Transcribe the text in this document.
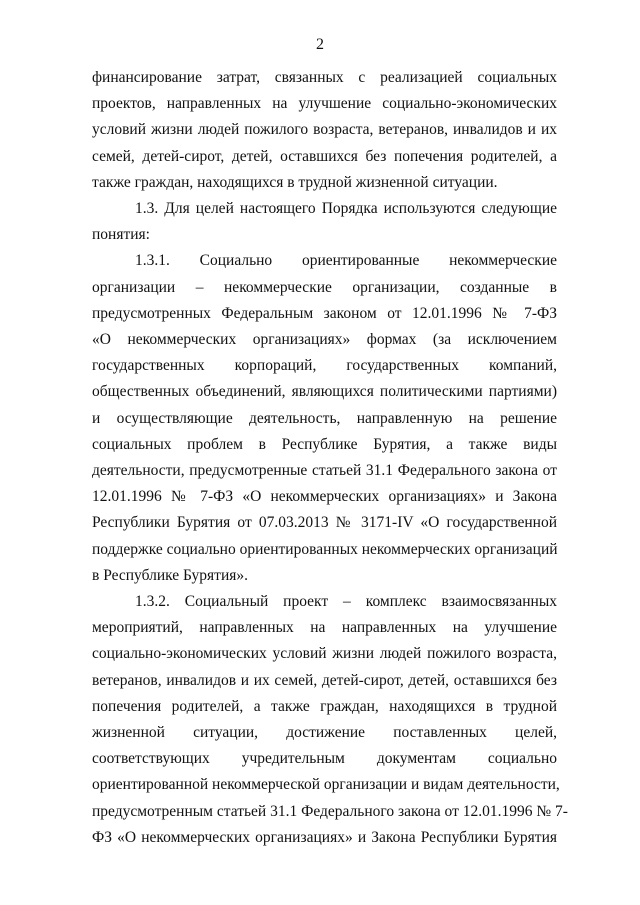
2
финансирование затрат, связанных с реализацией социальных
проектов, направленных на улучшение социально-экономических
условий жизни людей пожилого возраста, ветеранов, инвалидов и их
семей, детей-сирот, детей, оставшихся без попечения родителей, а
также граждан, находящихся в трудной жизненной ситуации.
1.3. Для целей настоящего Порядка используются следующие
понятия:
1.3.1. Социально ориентированные некоммерческие
организации – некоммерческие организации, созданные в
предусмотренных Федеральным законом от 12.01.1996 № 7-ФЗ
«О некоммерческих организациях» формах (за исключением
государственных корпораций, государственных компаний,
общественных объединений, являющихся политическими партиями)
и осуществляющие деятельность, направленную на решение
социальных проблем в Республике Бурятия, а также виды
деятельности, предусмотренные статьей 31.1 Федерального закона от
12.01.1996 № 7-ФЗ «О некоммерческих организациях» и Закона
Республики Бурятия от 07.03.2013 № 3171-IV «О государственной
поддержке социально ориентированных некоммерческих организаций
в Республике Бурятия».
1.3.2. Социальный проект – комплекс взаимосвязанных
мероприятий, направленных на направленных на улучшение
социально-экономических условий жизни людей пожилого возраста,
ветеранов, инвалидов и их семей, детей-сирот, детей, оставшихся без
попечения родителей, а также граждан, находящихся в трудной
жизненной ситуации, достижение поставленных целей,
соответствующих учредительным документам социально
ориентированной некоммерческой организации и видам деятельности,
предусмотренным статьей 31.1 Федерального закона от 12.01.1996 № 7-
ФЗ «О некоммерческих организациях» и Закона Республики Бурятия
